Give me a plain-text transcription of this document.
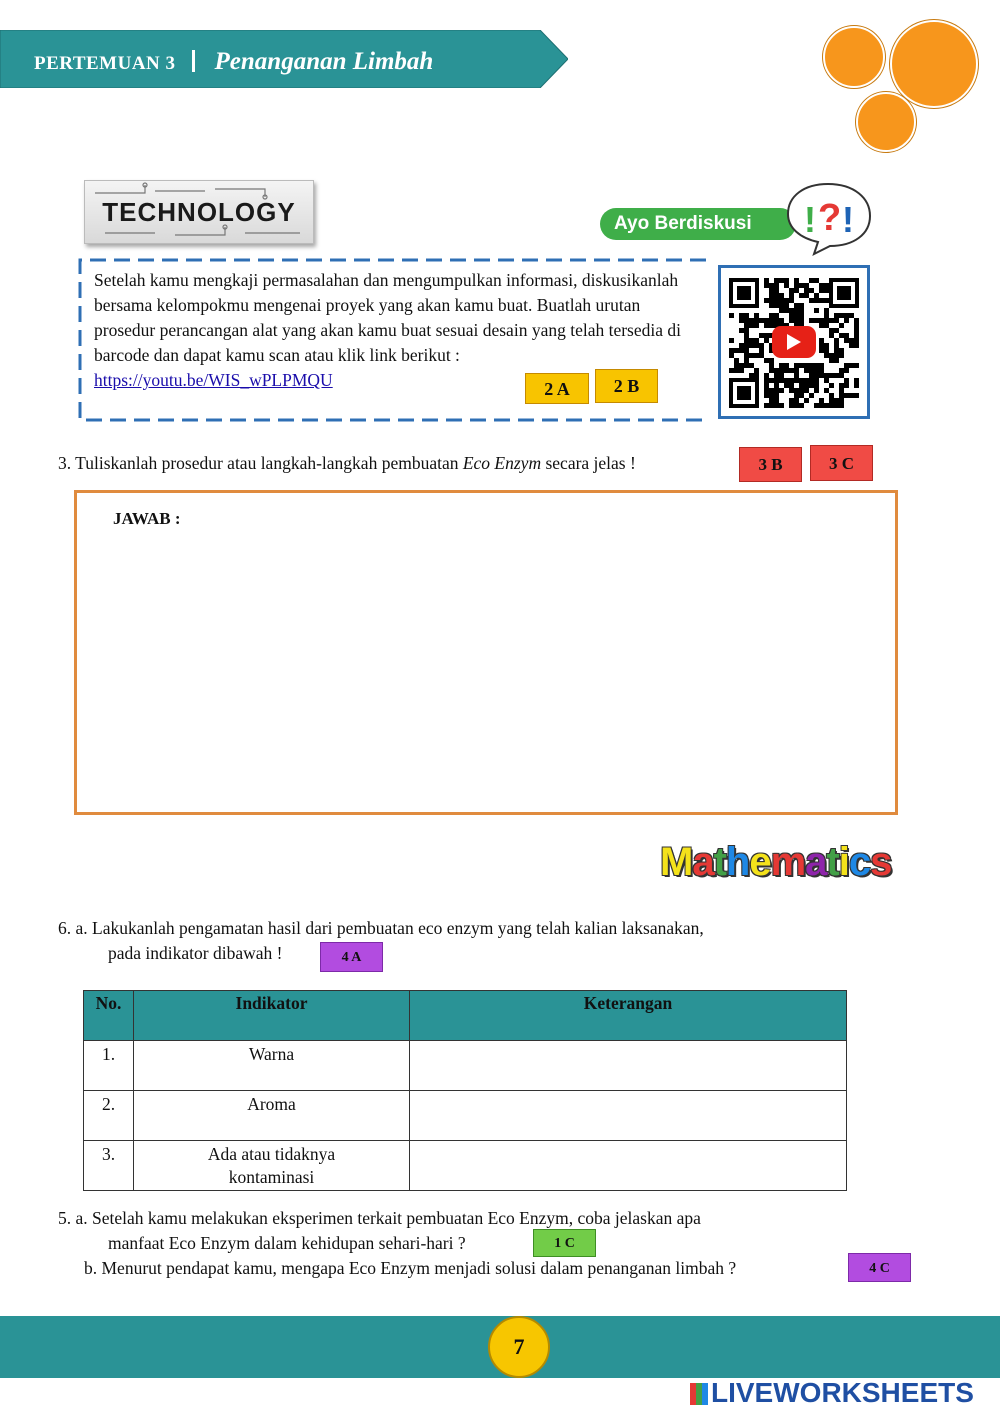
PERTEMUAN 3 Penanganan Limbah
TECHNOLOGY	Ayo Berdiskusi	! ? !
Setelah kamu mengkaji permasalahan dan mengumpulkan informasi, diskusikanlah bersama kelompokmu mengenai proyek yang akan kamu buat. Buatlah urutan prosedur perancangan alat yang akan kamu buat sesuai desain yang telah tersedia di barcode dan dapat kamu scan atau klik link berikut : https://youtu.be/WIS_wPLPMQU	2 A	2 B
3. Tuliskanlah prosedur atau langkah-langkah pembuatan Eco Enzym secara jelas !	3 B	3 C
JAWAB :
Mathematics
6. a. Lakukanlah pengamatan hasil dari pembuatan eco enzym yang telah kalian laksanakan,
pada indikator dibawah !	4 A
No.	Indikator	Keterangan
1.	Warna	
2.	Aroma	
3.	Ada atau tidaknya kontaminasi	
5. a. Setelah kamu melakukan eksperimen terkait pembuatan Eco Enzym, coba jelaskan apa
manfaat Eco Enzym dalam kehidupan sehari-hari ?
b. Menurut pendapat kamu, mengapa Eco Enzym menjadi solusi dalam penanganan limbah ?
1 C
4 C
7
LIVEWORKSHEETS
